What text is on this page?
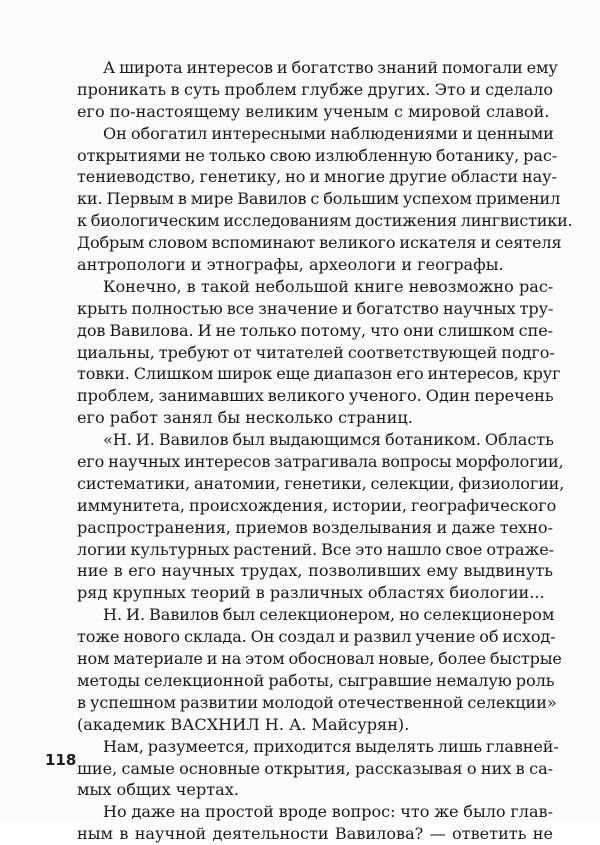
А широта интересов и богатство знаний помогали ему
проникать в суть проблем глубже других. Это и сделало
его по-настоящему великим ученым с мировой славой.
Он обогатил интересными наблюдениями и ценными
открытиями не только свою излюбленную ботанику, рас-
тениеводство, генетику, но и многие другие области нау-
ки. Первым в мире Вавилов с большим успехом применил
к биологическим исследованиям достижения лингвистики.
Добрым словом вспоминают великого искателя и сеятеля
антропологи и этнографы, археологи и географы.
Конечно, в такой небольшой книге невозможно рас-
крыть полностью все значение и богатство научных тру-
дов Вавилова. И не только потому, что они слишком спе-
циальны, требуют от читателей соответствующей подго-
товки. Слишком широк еще диапазон его интересов, круг
проблем, занимавших великого ученого. Один перечень
его работ занял бы несколько страниц.
«Н. И. Вавилов был выдающимся ботаником. Область
его научных интересов затрагивала вопросы морфологии,
систематики, анатомии, генетики, селекции, физиологии,
иммунитета, происхождения, истории, географического
распространения, приемов возделывания и даже техно-
логии культурных растений. Все это нашло свое отраже-
ние в его научных трудах, позволивших ему выдвинуть
ряд крупных теорий в различных областях биологии...
Н. И. Вавилов был селекционером, но селекционером
тоже нового склада. Он создал и развил учение об исход-
ном материале и на этом обосновал новые, более быстрые
методы селекционной работы, сыгравшие немалую роль
в успешном развитии молодой отечественной селекции»
(академик ВАСХНИЛ Н. А. Майсурян).
Нам, разумеется, приходится выделять лишь главней-
шие, самые основные открытия, рассказывая о них в са-
мых общих чертах.
Но даже на простой вроде вопрос: что же было глав-
ным в научной деятельности Вавилова? — ответить не
118
